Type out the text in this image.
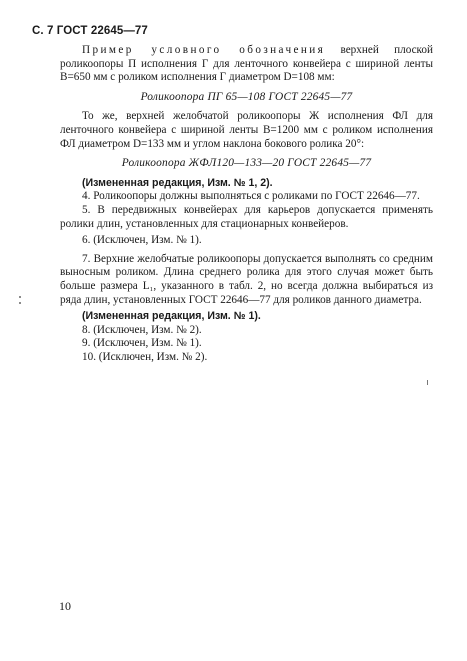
С. 7 ГОСТ 22645—77

Пример условного обозначения верхней плоской роликоопоры П исполнения Г для ленточного конвейера с шириной ленты B=650 мм с роликом исполнения Г диаметром D=108 мм:

Роликоопора ПГ 65—108 ГОСТ 22645—77

То же, верхней желобчатой роликоопоры Ж исполнения ФЛ для ленточного конвейера с шириной ленты B=1200 мм с роликом исполнения ФЛ диаметром D=133 мм и углом наклона бокового ролика 20°:

Роликоопора ЖФЛ120—133—20 ГОСТ 22645—77

(Измененная редакция, Изм. № 1, 2).

4. Роликоопоры должны выполняться с роликами по ГОСТ 22646—77.

5. В передвижных конвейерах для карьеров допускается применять ролики длин, установленных для стационарных конвейеров.

6. (Исключен, Изм. № 1).

7. Верхние желобчатые роликоопоры допускается выполнять со средним выносным роликом. Длина среднего ролика для этого случая может быть больше размера L₁, указанного в табл. 2, но всегда должна выбираться из ряда длин, установленных ГОСТ 22646—77 для роликов данного диаметра.

(Измененная редакция, Изм. № 1).

8. (Исключен, Изм. № 2).

9. (Исключен, Изм. № 1).

10. (Исключен, Изм. № 2).

10
